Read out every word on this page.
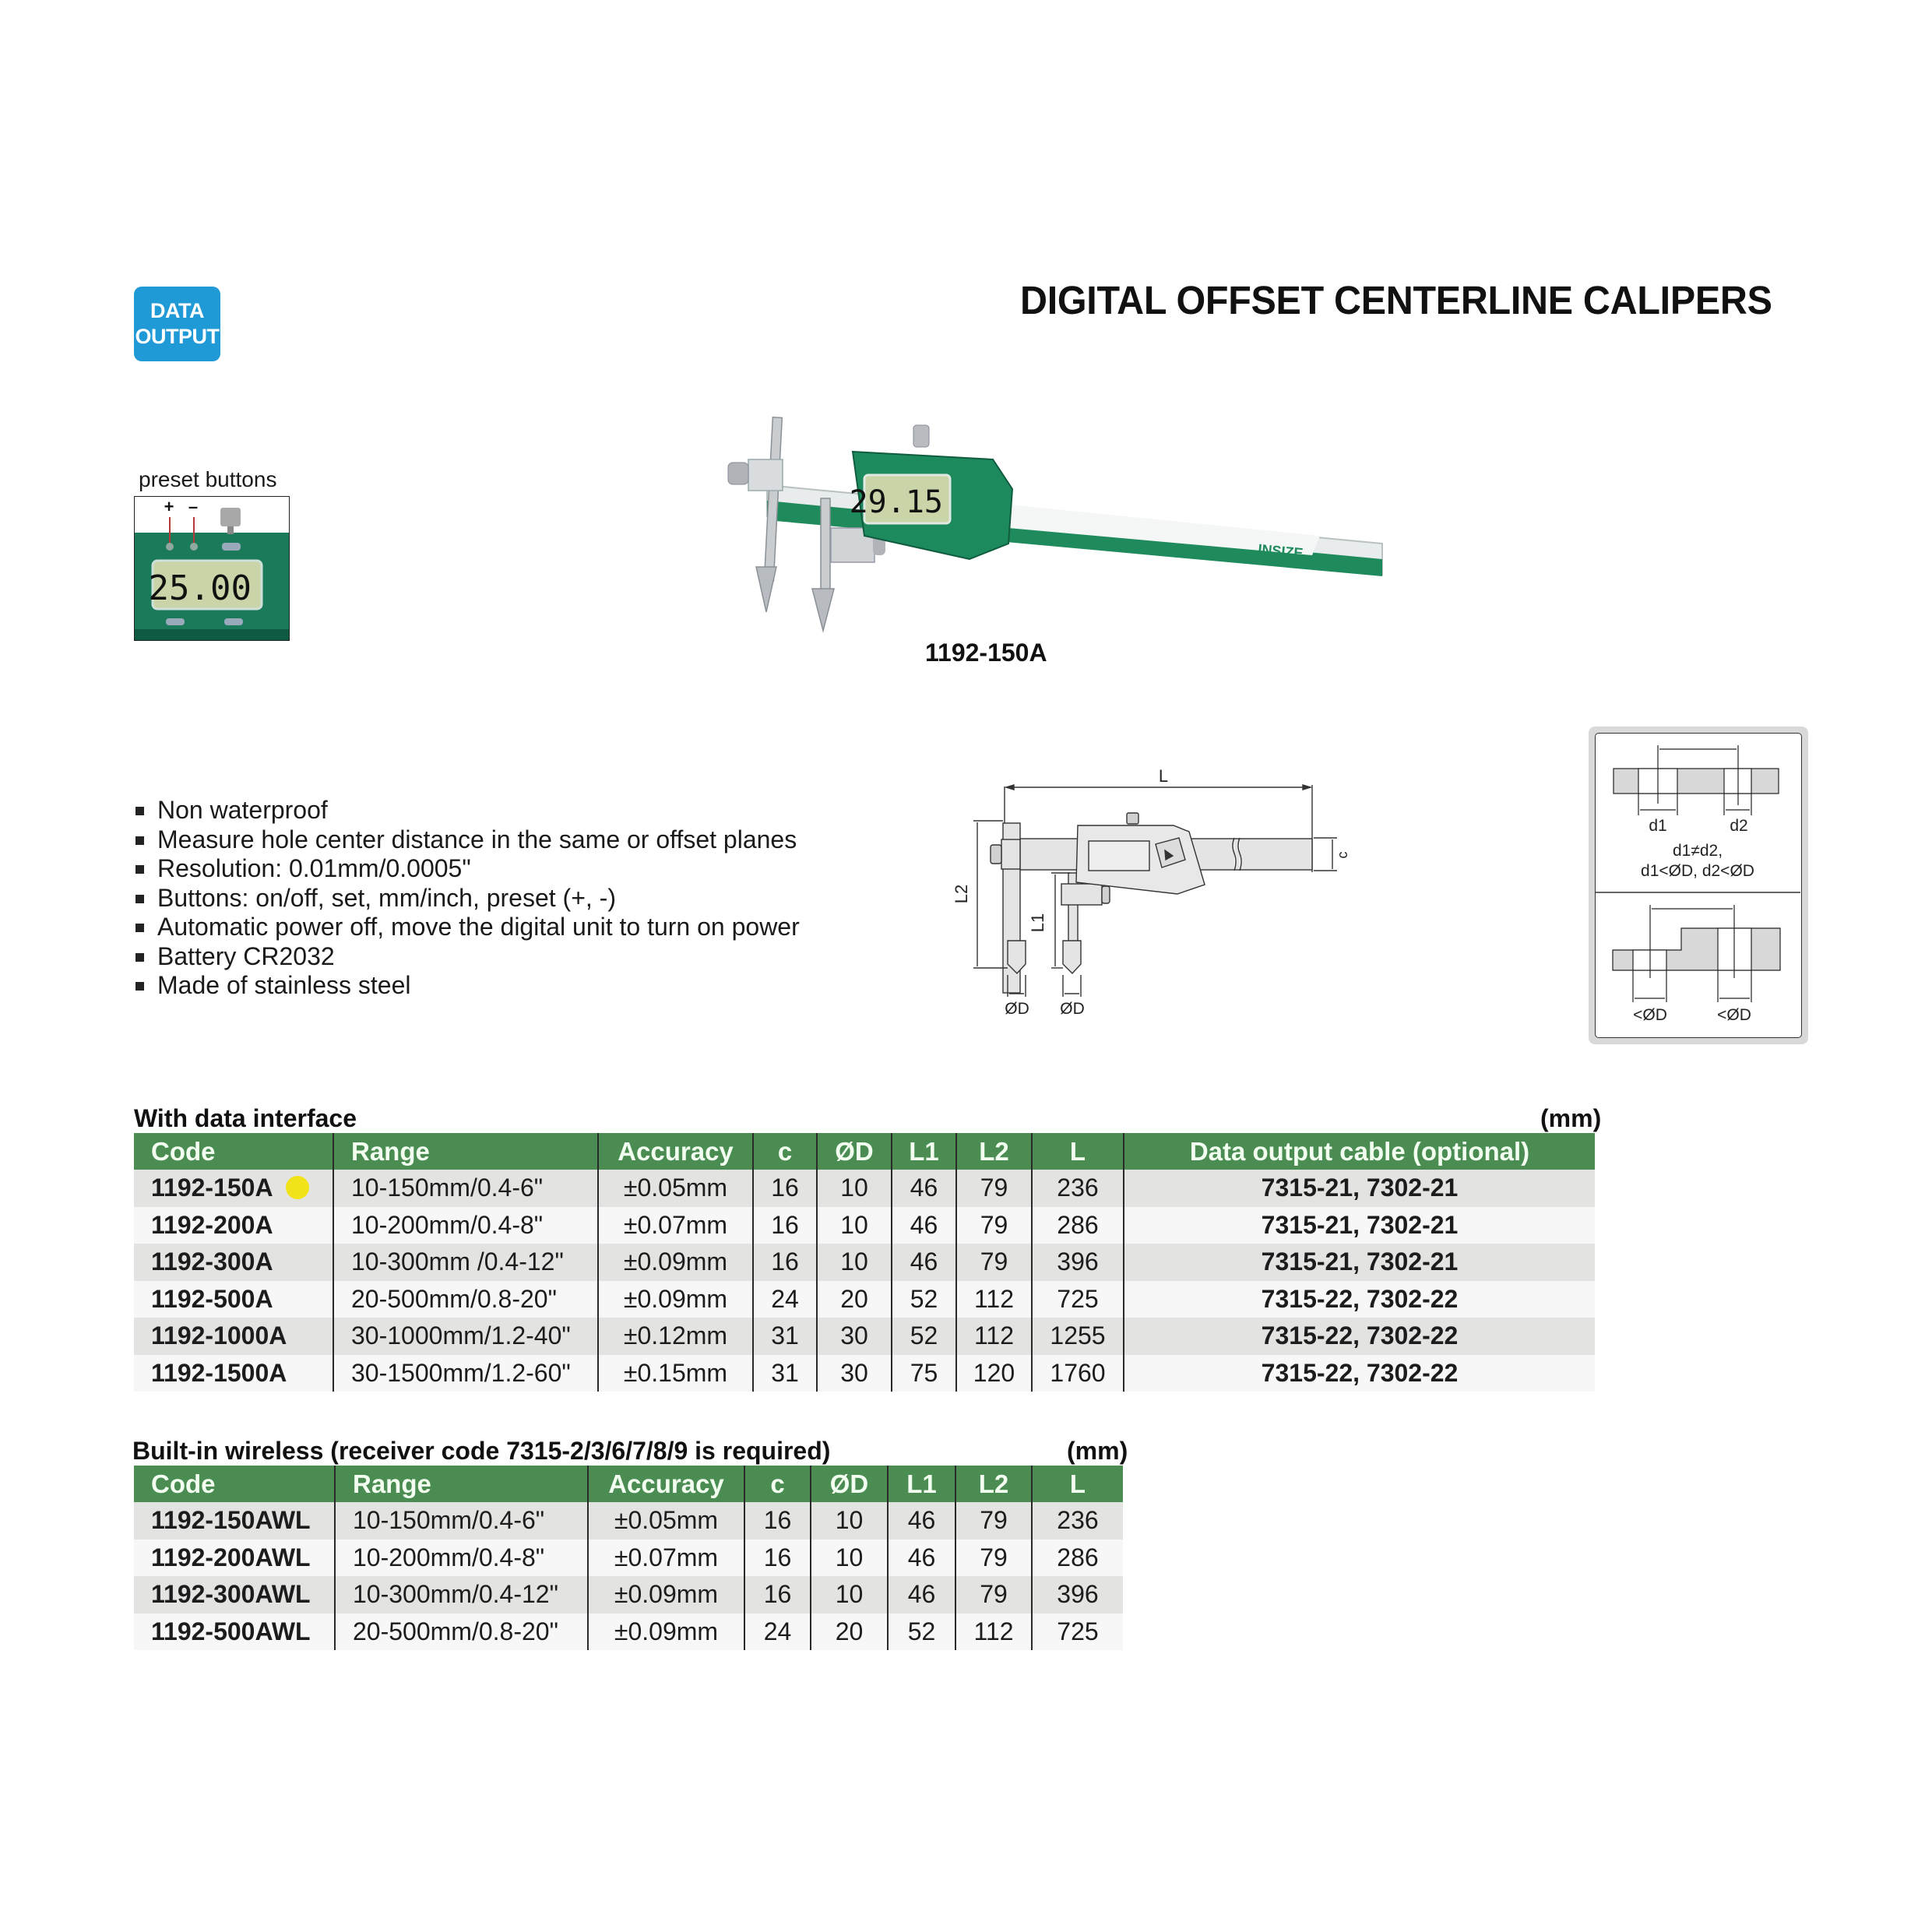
DATA
OUTPUT
DIGITAL OFFSET CENTERLINE CALIPERS
preset buttons
+ –
25.00
INSIZE
29.15
1192-150A
Non waterproof
Measure hole center distance in the same or offset planes
Resolution: 0.01mm/0.0005"
Buttons: on/off, set, mm/inch, preset (+, -)
Automatic power off, move the digital unit to turn on power
Battery CR2032
Made of stainless steel
L
c
L2
L1
ØD ØD
d1	d2
d1≠d2,
d1<ØD, d2<ØD
<ØD	<ØD
With data interface	(mm)
Code	Range	Accuracy	c	ØD	L1	L2	L	Data output cable (optional)
1192-150A	10-150mm/0.4-6"	±0.05mm	16	10	46	79	236	7315-21, 7302-21
1192-200A	10-200mm/0.4-8"	±0.07mm	16	10	46	79	286	7315-21, 7302-21
1192-300A	10-300mm /0.4-12"	±0.09mm	16	10	46	79	396	7315-21, 7302-21
1192-500A	20-500mm/0.8-20"	±0.09mm	24	20	52	112	725	7315-22, 7302-22
1192-1000A	30-1000mm/1.2-40"	±0.12mm	31	30	52	112	1255	7315-22, 7302-22
1192-1500A	30-1500mm/1.2-60"	±0.15mm	31	30	75	120	1760	7315-22, 7302-22
Built-in wireless (receiver code 7315-2/3/6/7/8/9 is required)	(mm)
Code	Range	Accuracy	c	ØD	L1	L2	L
1192-150AWL	10-150mm/0.4-6"	±0.05mm	16	10	46	79	236
1192-200AWL	10-200mm/0.4-8"	±0.07mm	16	10	46	79	286
1192-300AWL	10-300mm/0.4-12"	±0.09mm	16	10	46	79	396
1192-500AWL	20-500mm/0.8-20"	±0.09mm	24	20	52	112	725
